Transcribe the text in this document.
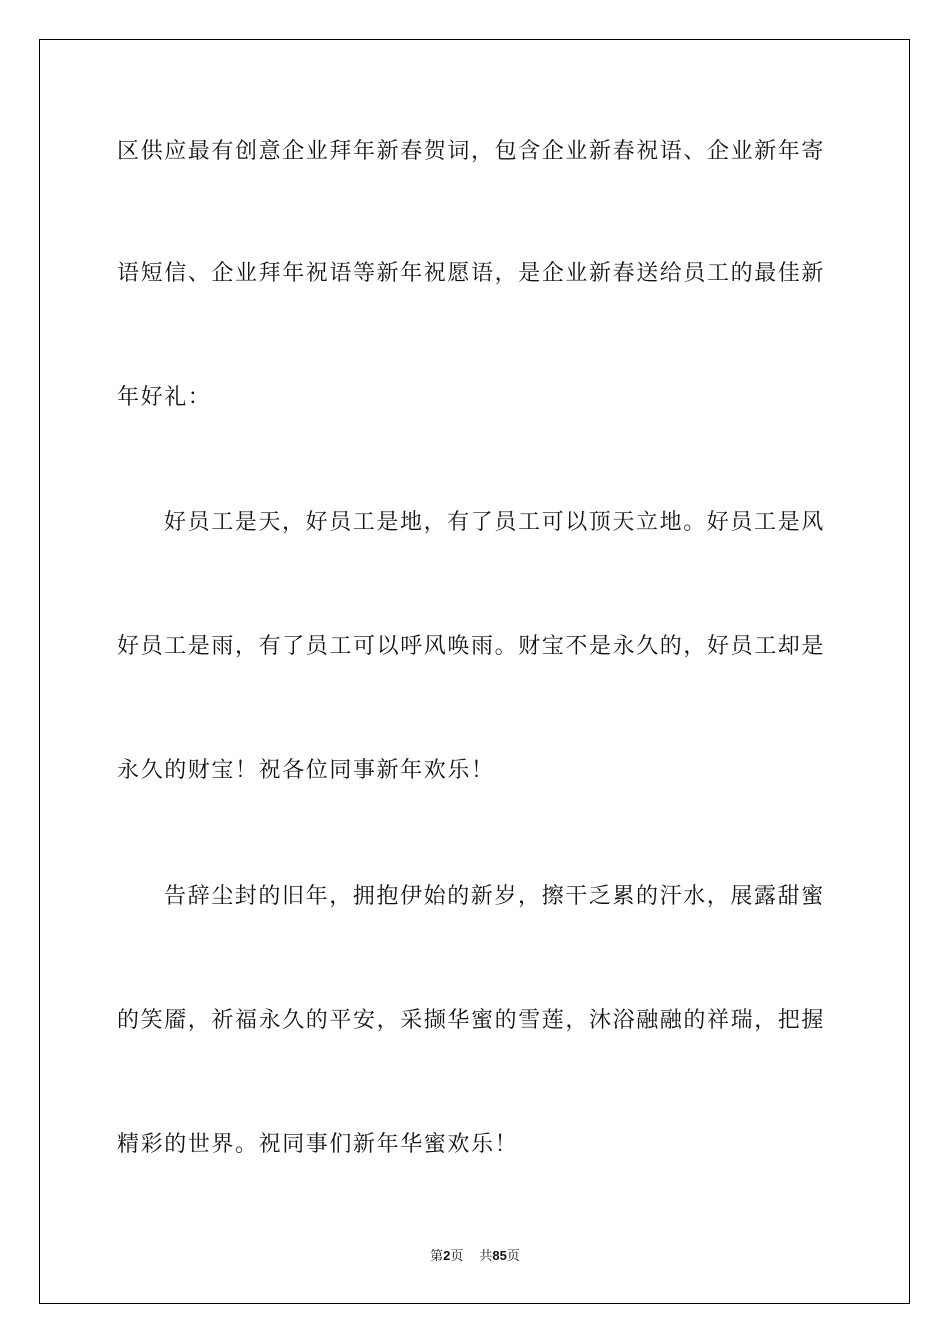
区供应最有创意企业拜年新春贺词，包含企业新春祝语、企业新年寄
语短信、企业拜年祝语等新年祝愿语，是企业新春送给员工的最佳新
年好礼：
好员工是天，好员工是地，有了员工可以顶天立地。好员工是风
好员工是雨，有了员工可以呼风唤雨。财宝不是永久的，好员工却是
永久的财宝！祝各位同事新年欢乐！
告辞尘封的旧年，拥抱伊始的新岁，擦干乏累的汗水，展露甜蜜
的笑靥，祈福永久的平安，采撷华蜜的雪莲，沐浴融融的祥瑞，把握
精彩的世界。祝同事们新年华蜜欢乐！
第2页 共85页
